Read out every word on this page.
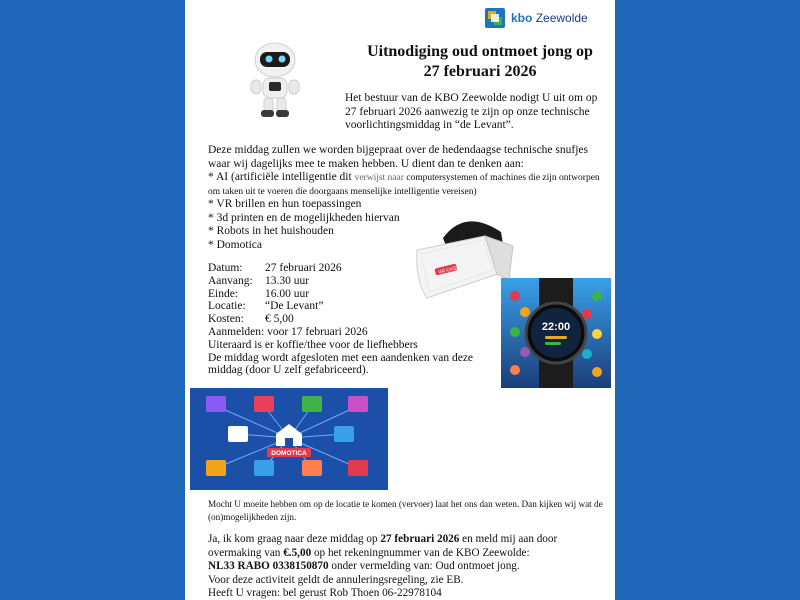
kbo Zeewolde
Uitnodiging oud ontmoet jong op
27 februari 2026
Het bestuur van de KBO Zeewolde nodigt U uit om op 27 februari 2026 aanwezig te zijn op onze technische voorlichtingsmiddag in “de Levant”.
Deze middag zullen we worden bijgepraat over de hedendaagse technische snufjes waar wij dagelijks mee te maken hebben. U dient dan te denken aan:
* AI (artificiële intelligentie dit verwijst naar computersystemen of machines die zijn ontworpen om taken uit te voeren die doorgaans menselijke intelligentie vereisen)
* VR brillen en hun toepassingen
* 3d printen en de mogelijkheden hiervan
* Robots in het huishouden
* Domotica
VR CASE
Datum:	27 februari 2026
Aanvang:	13.30 uur
Einde:	16.00 uur
Locatie:	“De Levant”
Kosten:	€ 5,00
Aanmelden: voor 17 februari 2026
Uiteraard is er koffie/thee voor de liefhebbers
De middag wordt afgesloten met een aandenken van deze middag (door U zelf gefabriceerd).
22:00
DOMOTICA
Mocht U moeite hebben om op de locatie te komen (vervoer) laat het ons dan weten. Dan kijken wij wat de (on)mogelijkheden zijn.
Ja, ik kom graag naar deze middag op 27 februari 2026 en meld mij aan door overmaking van €.5,00 op het rekeningnummer van de KBO Zeewolde:
NL33 RABO 0338150870 onder vermelding van: Oud ontmoet jong.
Voor deze activiteit geldt de annuleringsregeling, zie EB.
Heeft U vragen: bel gerust Rob Thoen 06-22978104
